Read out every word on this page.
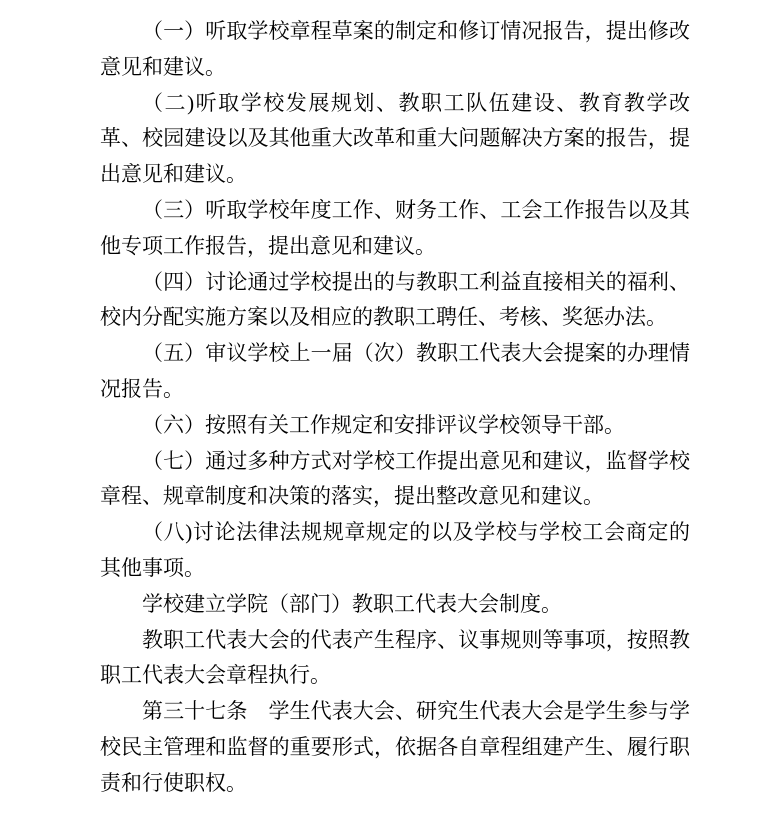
（一）听取学校章程草案的制定和修订情况报告，提出修改意见和建议。

（二)听取学校发展规划、教职工队伍建设、教育教学改革、校园建设以及其他重大改革和重大问题解决方案的报告，提出意见和建议。

（三）听取学校年度工作、财务工作、工会工作报告以及其他专项工作报告，提出意见和建议。

（四）讨论通过学校提出的与教职工利益直接相关的福利、校内分配实施方案以及相应的教职工聘任、考核、奖惩办法。

（五）审议学校上一届（次）教职工代表大会提案的办理情况报告。

（六）按照有关工作规定和安排评议学校领导干部。

（七）通过多种方式对学校工作提出意见和建议，监督学校章程、规章制度和决策的落实，提出整改意见和建议。

（八)讨论法律法规规章规定的以及学校与学校工会商定的其他事项。

学校建立学院（部门）教职工代表大会制度。

教职工代表大会的代表产生程序、议事规则等事项，按照教职工代表大会章程执行。

第三十七条　学生代表大会、研究生代表大会是学生参与学校民主管理和监督的重要形式，依据各自章程组建产生、履行职责和行使职权。
